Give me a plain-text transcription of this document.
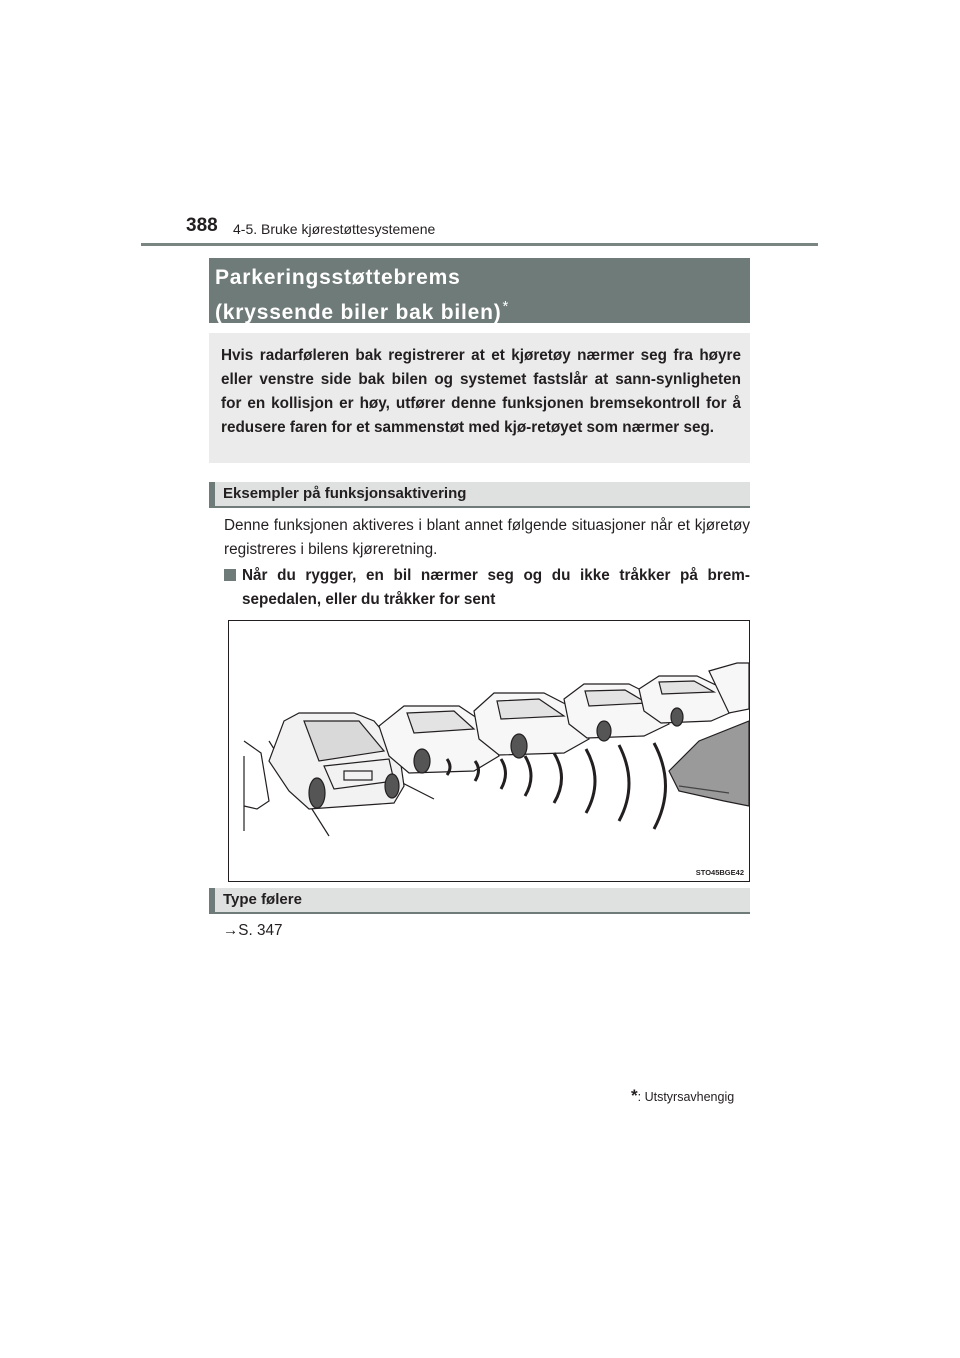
388 4-5. Bruke kjørestøttesystemene
Parkeringsstøttebrems
(kryssende biler bak bilen)*
Hvis radarføleren bak registrerer at et kjøretøy nærmer seg fra høyre eller venstre side bak bilen og systemet fastslår at sann-synligheten for en kollisjon er høy, utfører denne funksjonen bremsekontroll for å redusere faren for et sammenstøt med kjø-retøyet som nærmer seg.
Eksempler på funksjonsaktivering
Denne funksjonen aktiveres i blant annet følgende situasjoner når et kjøretøy registreres i bilens kjøreretning.
Når du rygger, en bil nærmer seg og du ikke tråkker på brem-sepedalen, eller du tråkker for sent
STO45BGE42
Type følere
→S. 347
*: Utstyrsavhengig
